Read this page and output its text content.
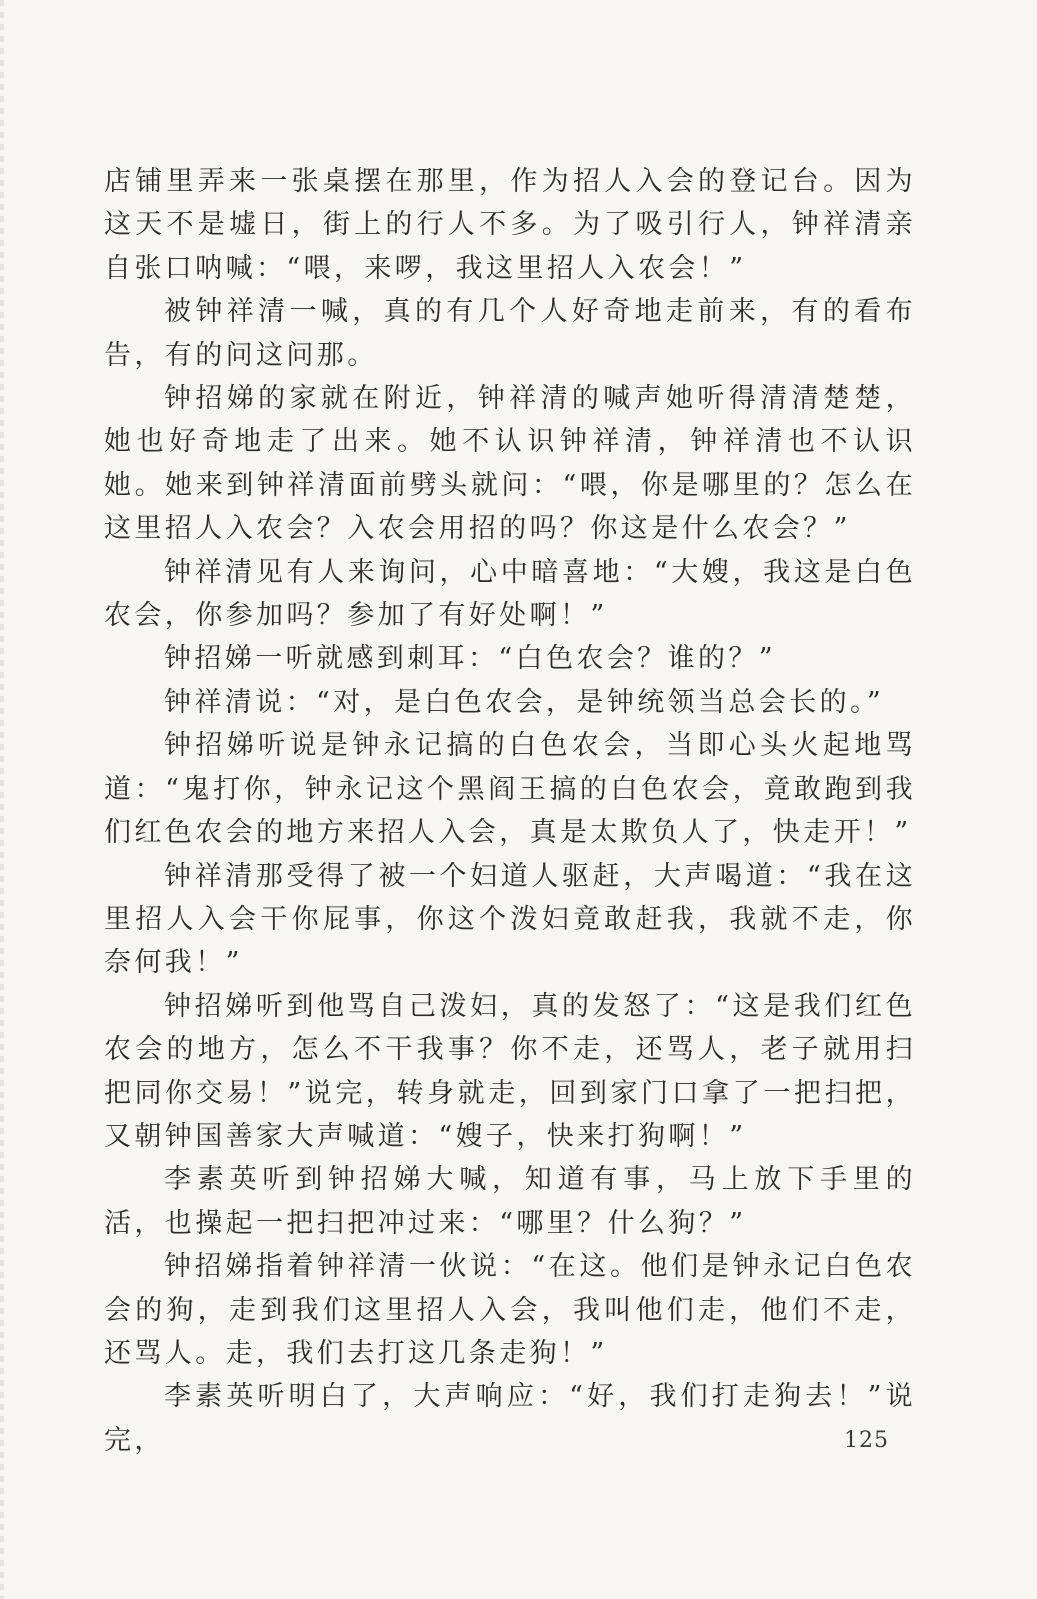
店铺里弄来一张桌摆在那里，作为招人入会的登记台。因为这天不是墟日，街上的行人不多。为了吸引行人，钟祥清亲自张口呐喊：“喂，来啰，我这里招人入农会！”

被钟祥清一喊，真的有几个人好奇地走前来，有的看布告，有的问这问那。

钟招娣的家就在附近，钟祥清的喊声她听得清清楚楚，她也好奇地走了出来。她不认识钟祥清，钟祥清也不认识她。她来到钟祥清面前劈头就问：“喂，你是哪里的？怎么在这里招人入农会？入农会用招的吗？你这是什么农会？”

钟祥清见有人来询问，心中暗喜地：“大嫂，我这是白色农会，你参加吗？参加了有好处啊！”

钟招娣一听就感到刺耳：“白色农会？谁的？”

钟祥清说：“对，是白色农会，是钟统领当总会长的。”

钟招娣听说是钟永记搞的白色农会，当即心头火起地骂道：“鬼打你，钟永记这个黑阎王搞的白色农会，竟敢跑到我们红色农会的地方来招人入会，真是太欺负人了，快走开！”

钟祥清那受得了被一个妇道人驱赶，大声喝道：“我在这里招人入会干你屁事，你这个泼妇竟敢赶我，我就不走，你奈何我！”

钟招娣听到他骂自己泼妇，真的发怒了：“这是我们红色农会的地方，怎么不干我事？你不走，还骂人，老子就用扫把同你交易！”说完，转身就走，回到家门口拿了一把扫把，又朝钟国善家大声喊道：“嫂子，快来打狗啊！”

李素英听到钟招娣大喊，知道有事，马上放下手里的活，也操起一把扫把冲过来：“哪里？什么狗？”

钟招娣指着钟祥清一伙说：“在这。他们是钟永记白色农会的狗，走到我们这里招人入会，我叫他们走，他们不走，还骂人。走，我们去打这几条走狗！”

李素英听明白了，大声响应：“好，我们打走狗去！”说完，	125
